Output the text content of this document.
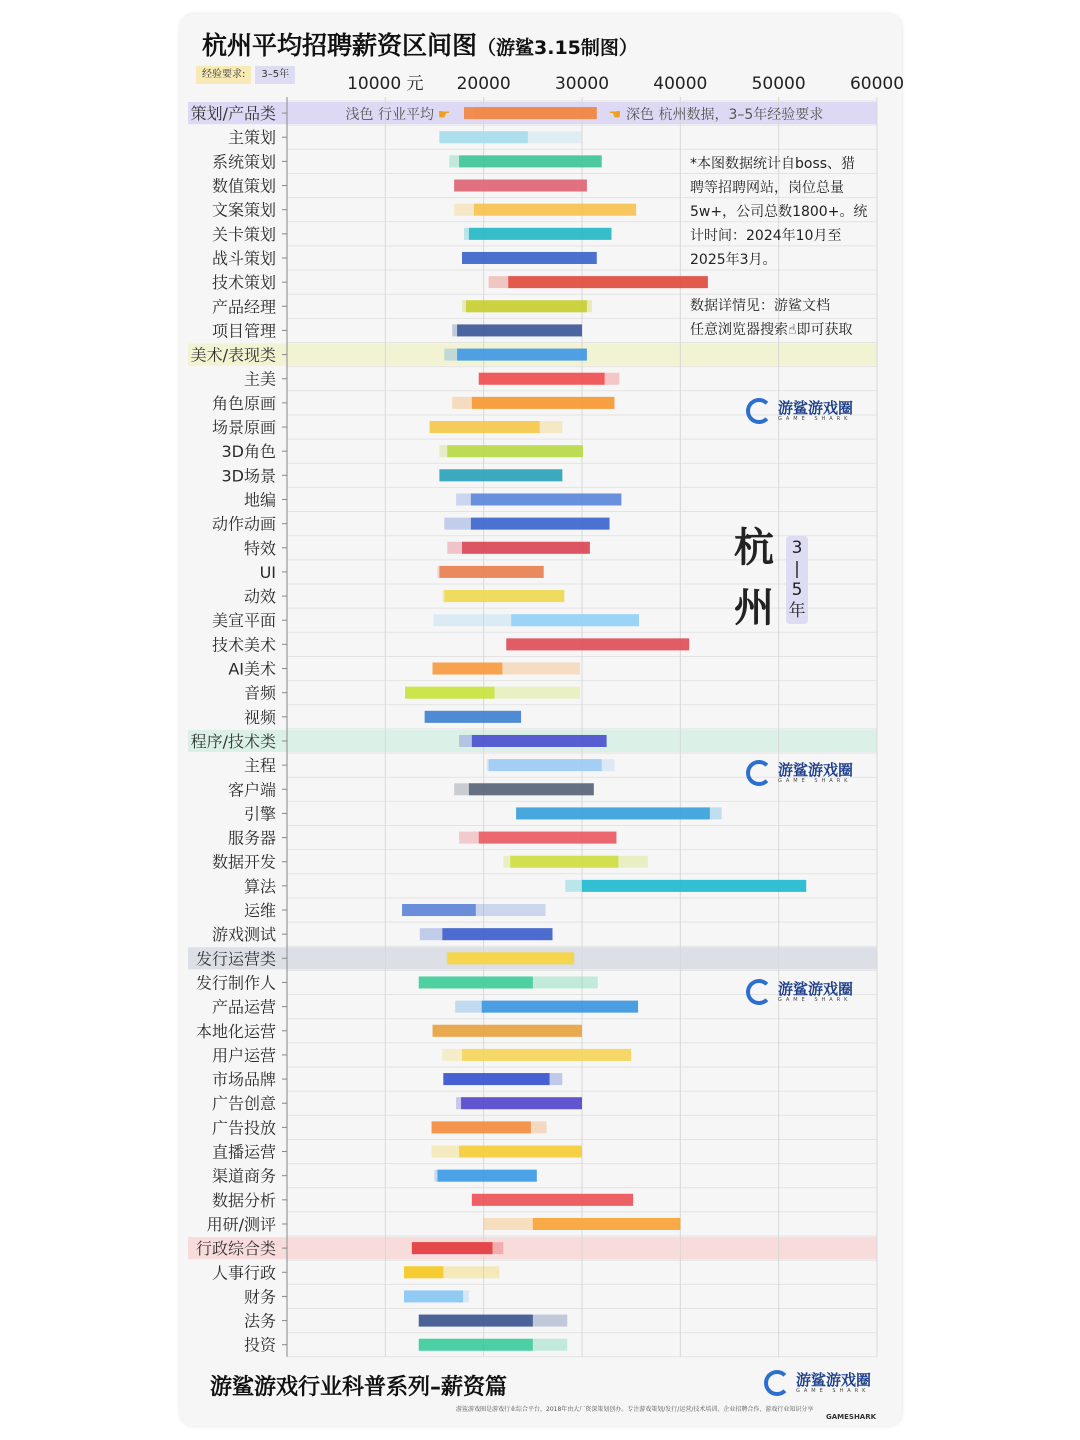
杭州平均招聘薪资区间图（游鲨3.15制图）
经验要求:	3–5年	10000 元 20000	30000	40000	50000	60000
策划/产品类
主策划
系统策划
数值策划
文案策划
关卡策划
战斗策划
技术策划
产品经理
项目管理
美术/表现类
主美
角色原画
场景原画
3D角色
3D场景
地编
动作动画
特效
UI
动效
美宣平面
技术美术
AI美术
音频
视频
程序/技术类
主程
客户端
引擎
服务器
数据开发
算法
运维
游戏测试
发行运营类
发行制作人
产品运营
本地化运营
用户运营
市场品牌
广告创意
广告投放
直播运营
渠道商务
数据分析
用研/测评
行政综合类
人事行政
财务
法务
投资
浅色 行业平均 ☛	☚ 深色 杭州数据，3–5年经验要求
*本图数据统计自boss、猎
聘等招聘网站，岗位总量
5w+，公司总数1800+。统
计时间：2024年10月至
2025年3月。
数据详情见：游鲨文档
任意浏览器搜索☝即可获取
游鲨游戏圈
GAME SHARK
游鲨游戏圈
GAME SHARK
游鲨游戏圈
GAME SHARK
杭
州
3
|
5
年
游鲨游戏行业科普系列–薪资篇	游鲨游戏圈
GAME SHARK
游鲨游戏圈是游戏行业综合平台，2018年由大厂资深策划创办。专注游戏策划/发行/运营/技术培训、企业招聘合作、游戏行业知识分享
GAMESHARK
